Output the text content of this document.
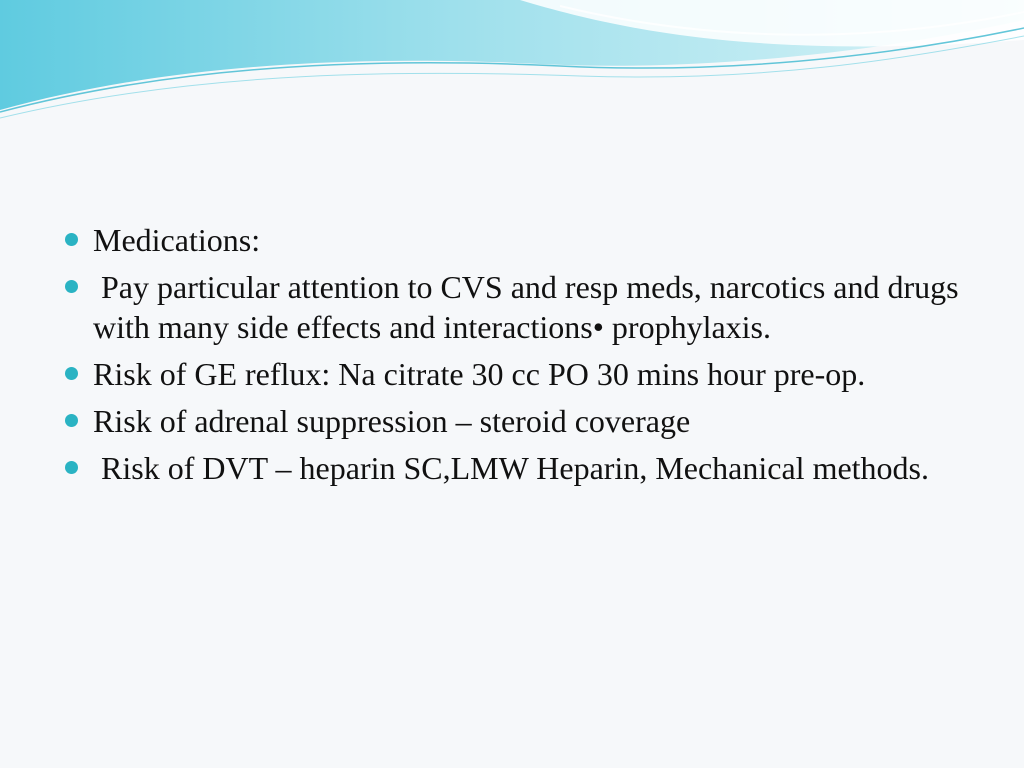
Medications:
Pay particular attention to CVS and resp meds, narcotics and drugs with many side effects and interactions• prophylaxis.
Risk of GE reflux: Na citrate 30 cc PO 30 mins hour pre-op.
Risk of adrenal suppression – steroid coverage
Risk of DVT – heparin SC,LMW Heparin, Mechanical methods.
